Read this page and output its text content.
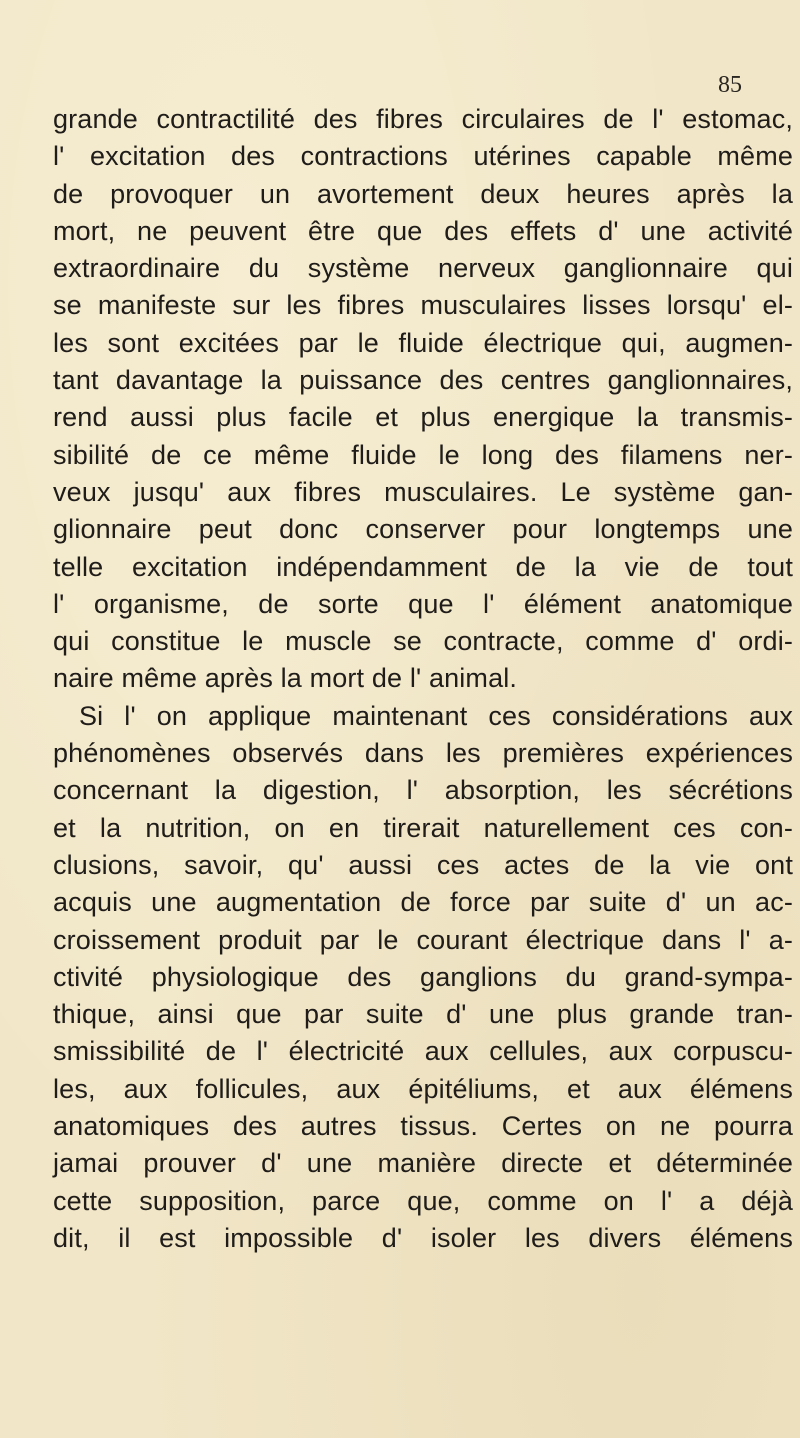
85
grande contractilité des fibres circulaires de l' estomac,
l' excitation des contractions utérines capable même
de provoquer un avortement deux heures après la
mort, ne peuvent être que des effets d' une activité
extraordinaire du système nerveux ganglionnaire qui
se manifeste sur les fibres musculaires lisses lorsqu' el-
les sont excitées par le fluide électrique qui, augmen-
tant davantage la puissance des centres ganglionnaires,
rend aussi plus facile et plus energique la transmis-
sibilité de ce même fluide le long des filamens ner-
veux jusqu' aux fibres musculaires. Le système gan-
glionnaire peut donc conserver pour longtemps une
telle excitation indépendamment de la vie de tout
l' organisme, de sorte que l' élément anatomique
qui constitue le muscle se contracte, comme d' ordi-
naire même après la mort de l' animal.
Si l' on applique maintenant ces considérations aux
phénomènes observés dans les premières expériences
concernant la digestion, l' absorption, les sécrétions
et la nutrition, on en tirerait naturellement ces con-
clusions, savoir, qu' aussi ces actes de la vie ont
acquis une augmentation de force par suite d' un ac-
croissement produit par le courant électrique dans l' a-
ctivité physiologique des ganglions du grand-sympa-
thique, ainsi que par suite d' une plus grande tran-
smissibilité de l' électricité aux cellules, aux corpuscu-
les, aux follicules, aux épitéliums, et aux élémens
anatomiques des autres tissus. Certes on ne pourra
jamai prouver d' une manière directe et déterminée
cette supposition, parce que, comme on l' a déjà
dit, il est impossible d' isoler les divers élémens
